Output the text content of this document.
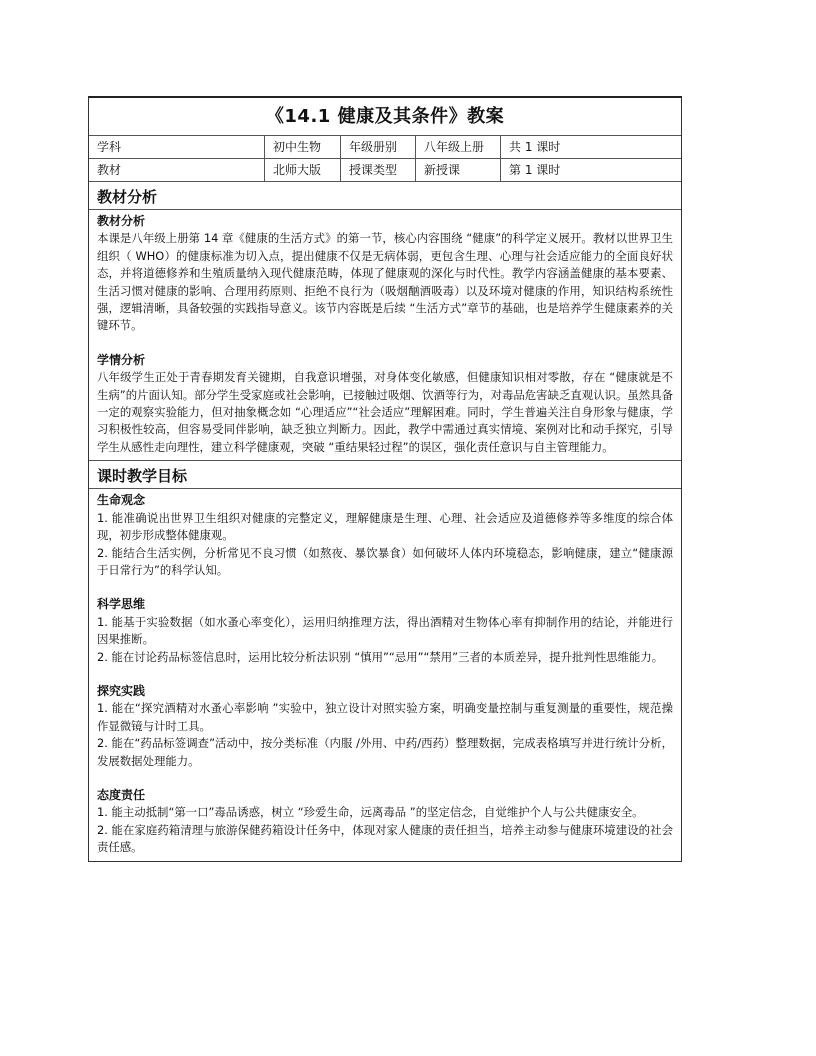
《14.1 健康及其条件》教案
学科	初中生物	年级册别	八年级上册	共 1 课时
教材	北师大版	授课类型	新授课	第 1 课时
教材分析
教材分析
本课是八年级上册第 14 章《健康的生活方式》的第一节，核心内容围绕 “健康”的科学定义展开。教材以世界卫生组织（ WHO）的健康标准为切入点，提出健康不仅是无病体弱，更包含生理、心理与社会适应能力的全面良好状态，并将道德修养和生殖质量纳入现代健康范畴，体现了健康观的深化与时代性。教学内容涵盖健康的基本要素、生活习惯对健康的影响、合理用药原则、拒绝不良行为（吸烟酗酒吸毒）以及环境对健康的作用，知识结构系统性强，逻辑清晰，具备较强的实践指导意义。该节内容既是后续 “生活方式”章节的基础，也是培养学生健康素养的关键环节。
学情分析
八年级学生正处于青春期发育关键期，自我意识增强，对身体变化敏感，但健康知识相对零散，存在 “健康就是不生病”的片面认知。部分学生受家庭或社会影响，已接触过吸烟、饮酒等行为，对毒品危害缺乏直观认识。虽然具备一定的观察实验能力，但对抽象概念如 “心理适应”“社会适应”理解困难。同时，学生普遍关注自身形象与健康，学习积极性较高，但容易受同伴影响，缺乏独立判断力。因此，教学中需通过真实情境、案例对比和动手探究，引导学生从感性走向理性，建立科学健康观，突破 “重结果轻过程”的误区，强化责任意识与自主管理能力。
课时教学目标
生命观念
1. 能准确说出世界卫生组织对健康的完整定义，理解健康是生理、心理、社会适应及道德修养等多维度的综合体现，初步形成整体健康观。
2. 能结合生活实例，分析常见不良习惯（如熬夜、暴饮暴食）如何破坏人体内环境稳态，影响健康，建立“健康源于日常行为”的科学认知。
科学思维
1. 能基于实验数据（如水蚤心率变化），运用归纳推理方法，得出酒精对生物体心率有抑制作用的结论，并能进行因果推断。
2. 能在讨论药品标签信息时，运用比较分析法识别 “慎用”“忌用”“禁用”三者的本质差异，提升批判性思维能力。
探究实践
1. 能在“探究酒精对水蚤心率影响 ”实验中，独立设计对照实验方案，明确变量控制与重复测量的重要性，规范操作显微镜与计时工具。
2. 能在“药品标签调查”活动中，按分类标准（内服 /外用、中药/西药）整理数据，完成表格填写并进行统计分析，发展数据处理能力。
态度责任
1. 能主动抵制“第一口”毒品诱惑，树立 “珍爱生命，远离毒品 ”的坚定信念，自觉维护个人与公共健康安全。
2. 能在家庭药箱清理与旅游保健药箱设计任务中，体现对家人健康的责任担当，培养主动参与健康环境建设的社会责任感。
